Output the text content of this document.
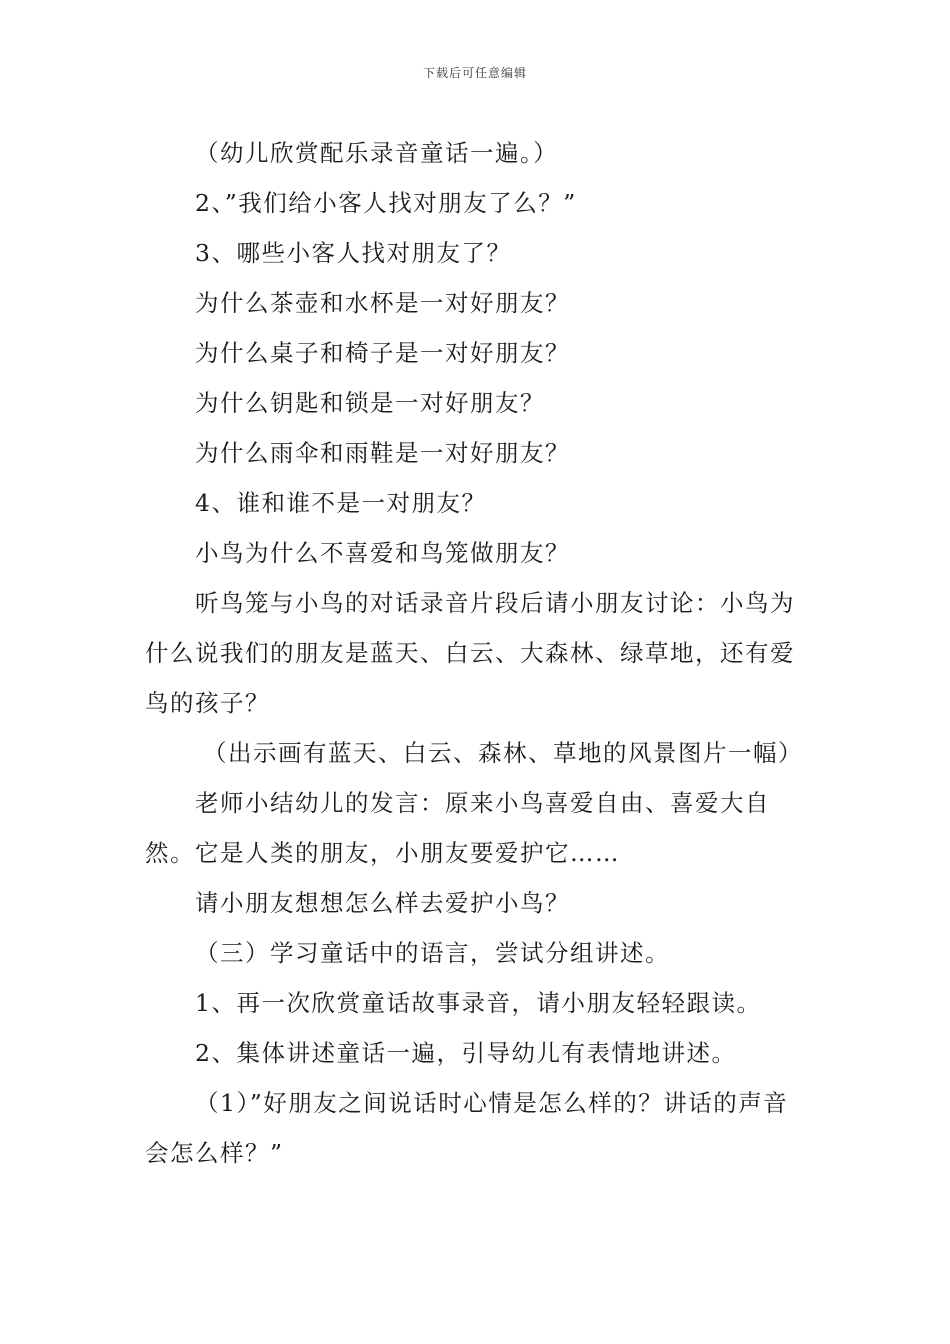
下载后可任意编辑

（幼儿欣赏配乐录音童话一遍。）

2、”我们给小客人找对朋友了么？”

3、哪些小客人找对朋友了？

为什么茶壶和水杯是一对好朋友？

为什么桌子和椅子是一对好朋友？

为什么钥匙和锁是一对好朋友？

为什么雨伞和雨鞋是一对好朋友？

4、谁和谁不是一对朋友？

小鸟为什么不喜爱和鸟笼做朋友？

听鸟笼与小鸟的对话录音片段后请小朋友讨论：小鸟为什么说我们的朋友是蓝天、白云、大森林、绿草地，还有爱鸟的孩子？

（出示画有蓝天、白云、森林、草地的风景图片一幅）

老师小结幼儿的发言：原来小鸟喜爱自由、喜爱大自然。它是人类的朋友，小朋友要爱护它……

请小朋友想想怎么样去爱护小鸟？

（三）学习童话中的语言，尝试分组讲述。

1、再一次欣赏童话故事录音，请小朋友轻轻跟读。

2、集体讲述童话一遍，引导幼儿有表情地讲述。

（1）”好朋友之间说话时心情是怎么样的？讲话的声音会怎么样？”
